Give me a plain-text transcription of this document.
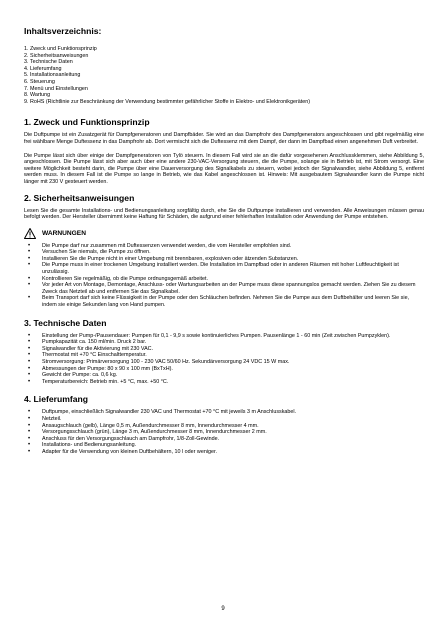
Inhaltsverzeichnis:
1. Zweck und Funktionsprinzip
2. Sicherheitsanweisungen
3. Technische Daten
4. Lieferumfang
5. Installationsanleitung
6. Steuerung
7. Menü und Einstellungen
8. Wartung
9. RoHS (Richtlinie zur Beschränkung der Verwendung bestimmter gefährlicher Stoffe in Elektro- und Elektronikgeräten)
1. Zweck und Funktionsprinzip

Die Duftpumpe ist ein Zusatzgerät für Dampfgeneratoren und Dampfbäder. Sie wird an das Dampfrohr des Dampfgenerators angeschlossen und gibt regelmäßig eine frei wählbare Menge Duftessenz in das Dampfrohr ab. Dort vermischt sich die Duftessenz mit dem Dampf, der dann im Dampfbad einen angenehmen Duft verbreitet.

Die Pumpe lässt sich über einige der Dampfgeneratoren von Tylö steuern. In diesem Fall wird sie an die dafür vorgesehenen Anschlussklemmen, siehe Abbildung 5, angeschlossen. Die Pumpe lässt sich aber auch über eine andere 230-VAC-Versorgung steuern, die die Pumpe, solange sie in Betrieb ist, mit Strom versorgt. Eine weitere Möglichkeit besteht darin, die Pumpe über eine Dauerversorgung des Signalkabels zu steuern, wobei jedoch der Signalwandler, siehe Abbildung 5, entfernt werden muss. In diesem Fall ist die Pumpe so lange in Betrieb, wie das Kabel angeschlossen ist. Hinweis: Mit ausgebautem Signalwandler kann die Pumpe nicht länger mit 230 V gesteuert werden.

2. Sicherheitsanweisungen

Lesen Sie die gesamte Installations- und Bedienungsanleitung sorgfältig durch, ehe Sie die Duftpumpe installieren und verwenden. Alle Anweisungen müssen genau befolgt werden. Der Hersteller übernimmt keine Haftung für Schäden, die aufgrund einer fehlerhaften Installation oder Anwendung der Pumpe entstehen.

WARNUNGEN
• Die Pumpe darf nur zusammen mit Duftessenzen verwendet werden, die vom Hersteller empfohlen sind.
• Versuchen Sie niemals, die Pumpe zu öffnen.
• Installieren Sie die Pumpe nicht in einer Umgebung mit brennbaren, explosiven oder ätzenden Substanzen.
• Die Pumpe muss in einer trockenen Umgebung installiert werden. Die Installation im Dampfbad oder in anderen Räumen mit hoher Luftfeuchtigkeit ist unzulässig.
• Kontrollieren Sie regelmäßig, ob die Pumpe ordnungsgemäß arbeitet.
• Vor jeder Art von Montage, Demontage, Anschluss- oder Wartungsarbeiten an der Pumpe muss diese spannungslos gemacht werden. Ziehen Sie zu diesem Zweck das Netzteil ab und entfernen Sie das Signalkabel.
• Beim Transport darf sich keine Flüssigkeit in der Pumpe oder den Schläuchen befinden. Nehmen Sie die Pumpe aus dem Duftbehälter und leeren Sie sie, indem sie einige Sekunden lang von Hand pumpen.
3. Technische Daten
• Einstellung der Pump-/Pausendauer: Pumpen für 0,1 - 9,9 s sowie kontinuierliches Pumpen. Pausenlänge 1 - 60 min (Zeit zwischen Pumpzyklen).
• Pumpkapazität ca. 150 ml/min. Druck 2 bar.
• Signalwandler für die Aktivierung mit 230 VAC.
• Thermostat mit +70 °C Einschalttemperatur.
• Stromversorgung: Primärversorgung 100 - 230 VAC 50/60 Hz. Sekundärversorgung 24 VDC 15 W max.
• Abmessungen der Pumpe: 80 x 90 x 100 mm (BxTxH).
• Gewicht der Pumpe: ca. 0,6 kg.
• Temperaturbereich: Betrieb min. +5 °C, max. +50 °C.
4. Lieferumfang
• Duftpumpe, einschließlich Signalwandler 230 VAC und Thermostat +70 °C mit jeweils 3 m Anschlusskabel.
• Netzteil.
• Ansaugschlauch (gelb), Länge 0,5 m, Außendurchmesser 8 mm, Innendurchmesser 4 mm.
• Versorgungsschlauch (grün), Länge 3 m, Außendurchmesser 8 mm, Innendurchmesser 2 mm.
• Anschluss für den Versorgungsschlauch am Dampfrohr, 1/8-Zoll-Gewinde.
• Installations- und Bedienungsanleitung.
• Adapter für die Verwendung von kleinen Duftbehältern, 10 l oder weniger.
9
